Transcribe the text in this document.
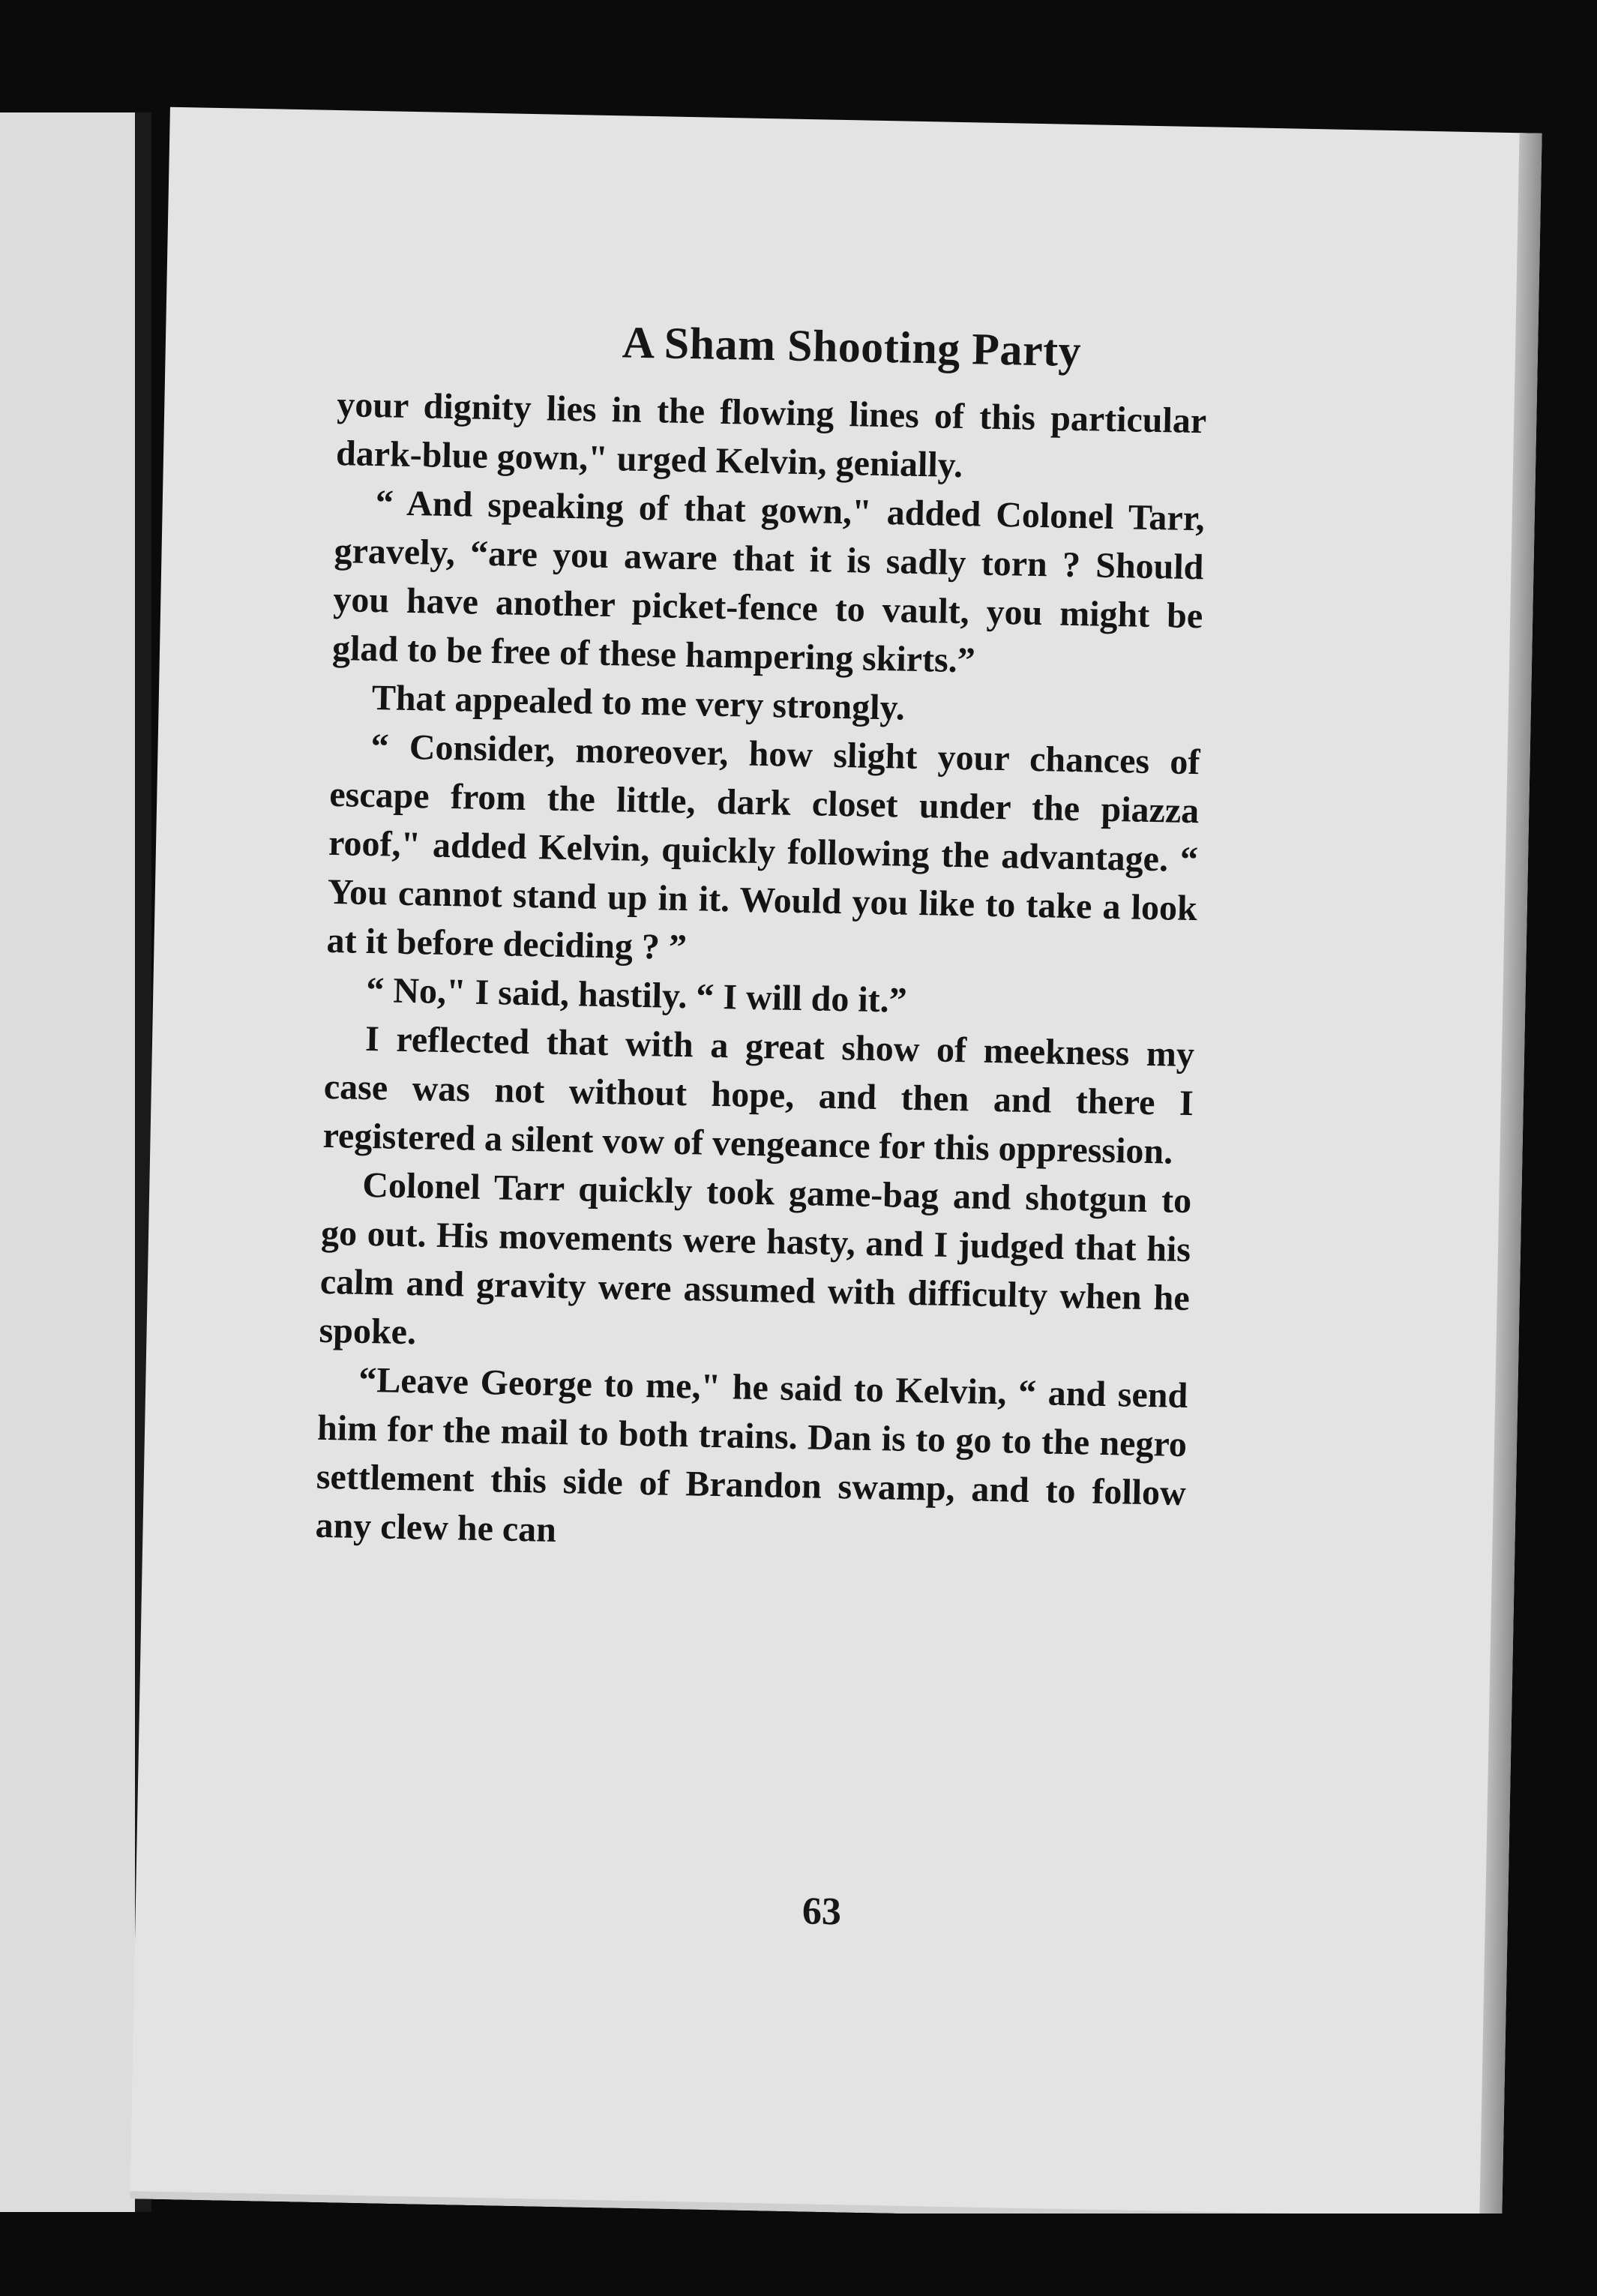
A Sham Shooting Party

your dignity lies in the flowing lines of this particular dark-blue gown," urged Kelvin, genially.

“ And speaking of that gown," added Colonel Tarr, gravely, “are you aware that it is sadly torn ? Should you have another picket-fence to vault, you might be glad to be free of these hampering skirts.”

That appealed to me very strongly.

“ Consider, moreover, how slight your chances of escape from the little, dark closet under the piazza roof," added Kelvin, quickly following the advantage. “ You cannot stand up in it. Would you like to take a look at it before deciding ? ”

“ No," I said, hastily. “ I will do it.”

I reflected that with a great show of meekness my case was not without hope, and then and there I registered a silent vow of vengeance for this oppression.

Colonel Tarr quickly took game-bag and shotgun to go out. His movements were hasty, and I judged that his calm and gravity were assumed with difficulty when he spoke.

“Leave George to me," he said to Kelvin, “ and send him for the mail to both trains. Dan is to go to the negro settlement this side of Brandon swamp, and to follow any clew he can

63
